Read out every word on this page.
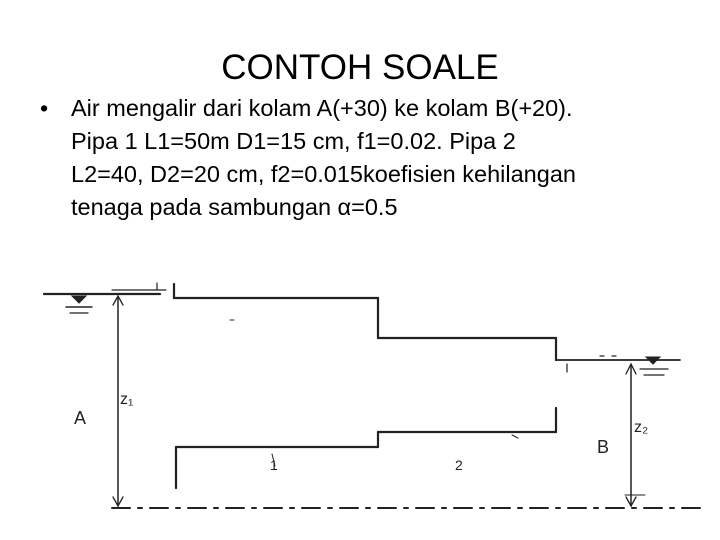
CONTOH SOALE
• Air mengalir dari kolam A(+30) ke kolam B(+20).
Pipa 1 L1=50m D1=15 cm, f1=0.02. Pipa 2
L2=40, D2=20 cm, f2=0.015koefisien kehilangan
tenaga pada sambungan α=0.5
A
z₁
1	2
z₂
B
